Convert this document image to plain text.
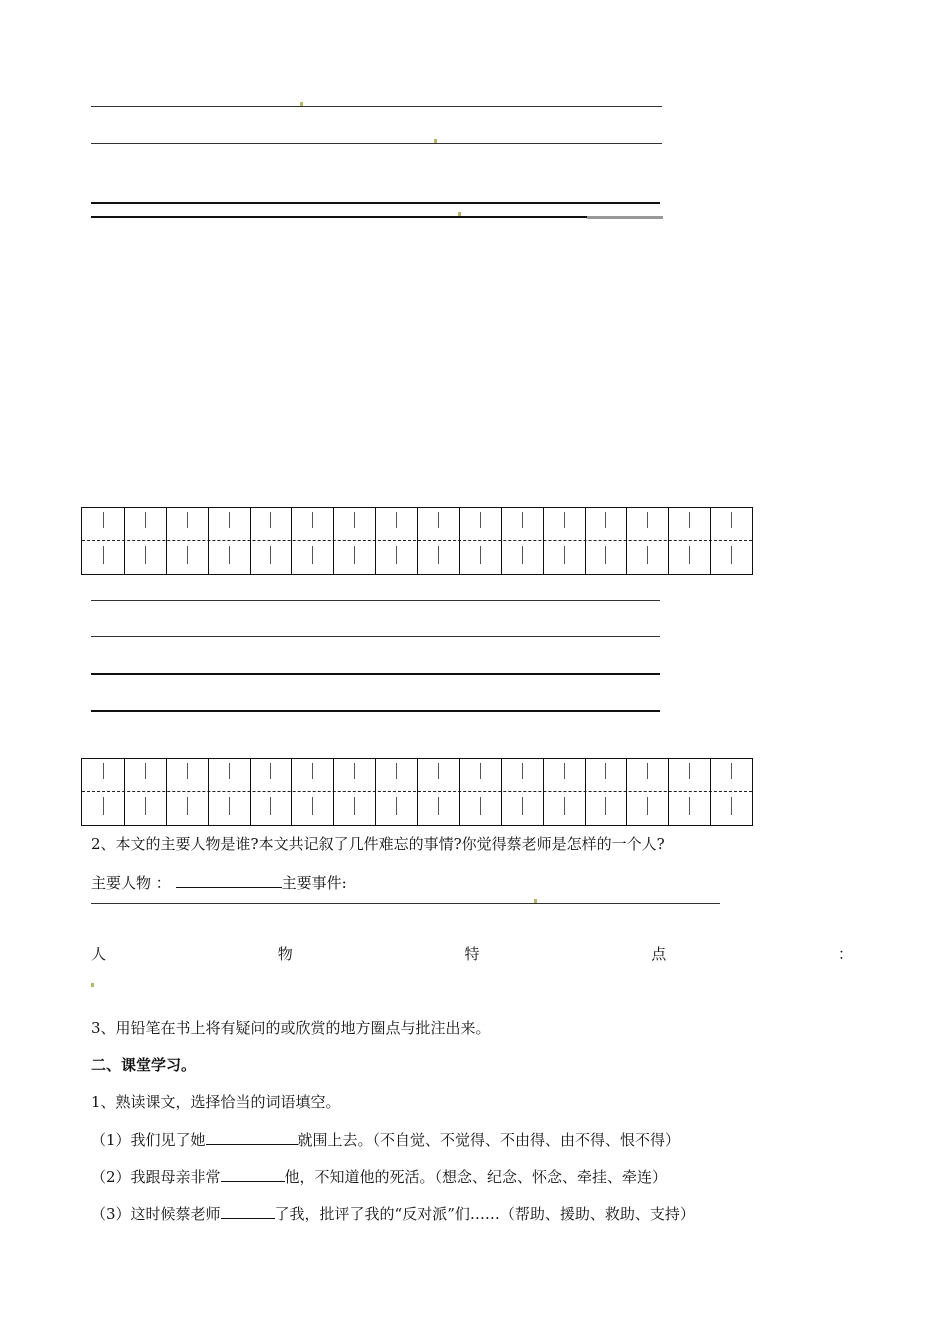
2、本文的主要人物是谁?本文共记叙了几件难忘的事情?你觉得蔡老师是怎样的一个人?
主要人物 ：	主要事件:
人	物	特	点	：
3、用铅笔在书上将有疑问的或欣赏的地方圈点与批注出来。
二、课堂学习。
1、熟读课文，选择恰当的词语填空。
（1）我们见了她	就围上去。（不自觉、不觉得、不由得、由不得、恨不得）
（2）我跟母亲非常	他，不知道他的死活。（想念、纪念、怀念、牵挂、牵连）
（3）这时候蔡老师	了我，批评了我的“反对派”们……（帮助、援助、救助、支持）
